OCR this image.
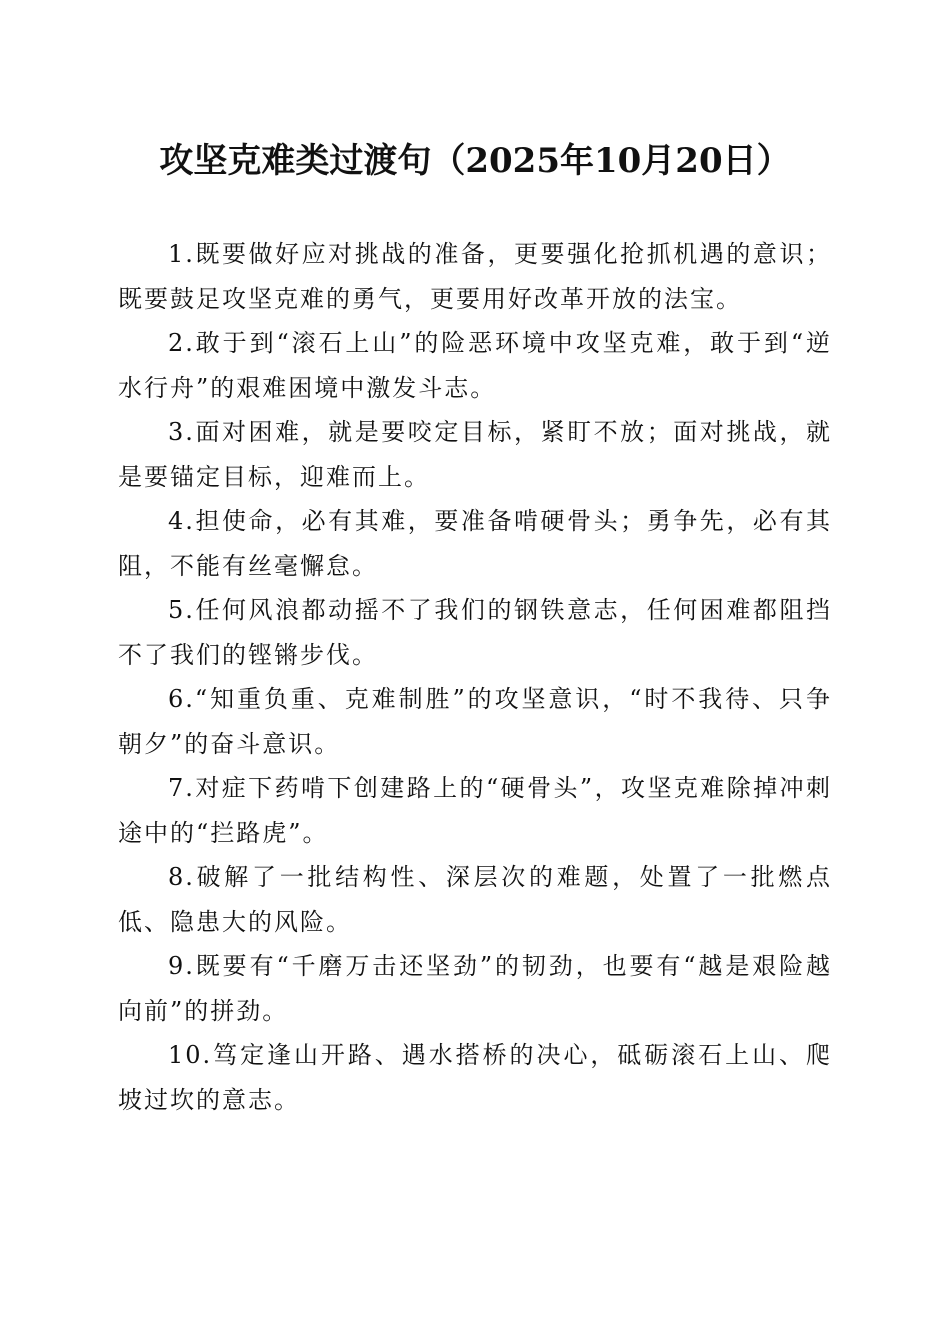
攻坚克难类过渡句（2025年10月20日）

1.既要做好应对挑战的准备，更要强化抢抓机遇的意识；既要鼓足攻坚克难的勇气，更要用好改革开放的法宝。

2.敢于到“滚石上山”的险恶环境中攻坚克难，敢于到“逆水行舟”的艰难困境中激发斗志。

3.面对困难，就是要咬定目标，紧盯不放；面对挑战，就是要锚定目标，迎难而上。

4.担使命，必有其难，要准备啃硬骨头；勇争先，必有其阻，不能有丝毫懈怠。

5.任何风浪都动摇不了我们的钢铁意志，任何困难都阻挡不了我们的铿锵步伐。

6.“知重负重、克难制胜”的攻坚意识，“时不我待、只争朝夕”的奋斗意识。

7.对症下药啃下创建路上的“硬骨头”，攻坚克难除掉冲刺途中的“拦路虎”。

8.破解了一批结构性、深层次的难题，处置了一批燃点低、隐患大的风险。

9.既要有“千磨万击还坚劲”的韧劲，也要有“越是艰险越向前”的拼劲。

10.笃定逢山开路、遇水搭桥的决心，砥砺滚石上山、爬坡过坎的意志。
